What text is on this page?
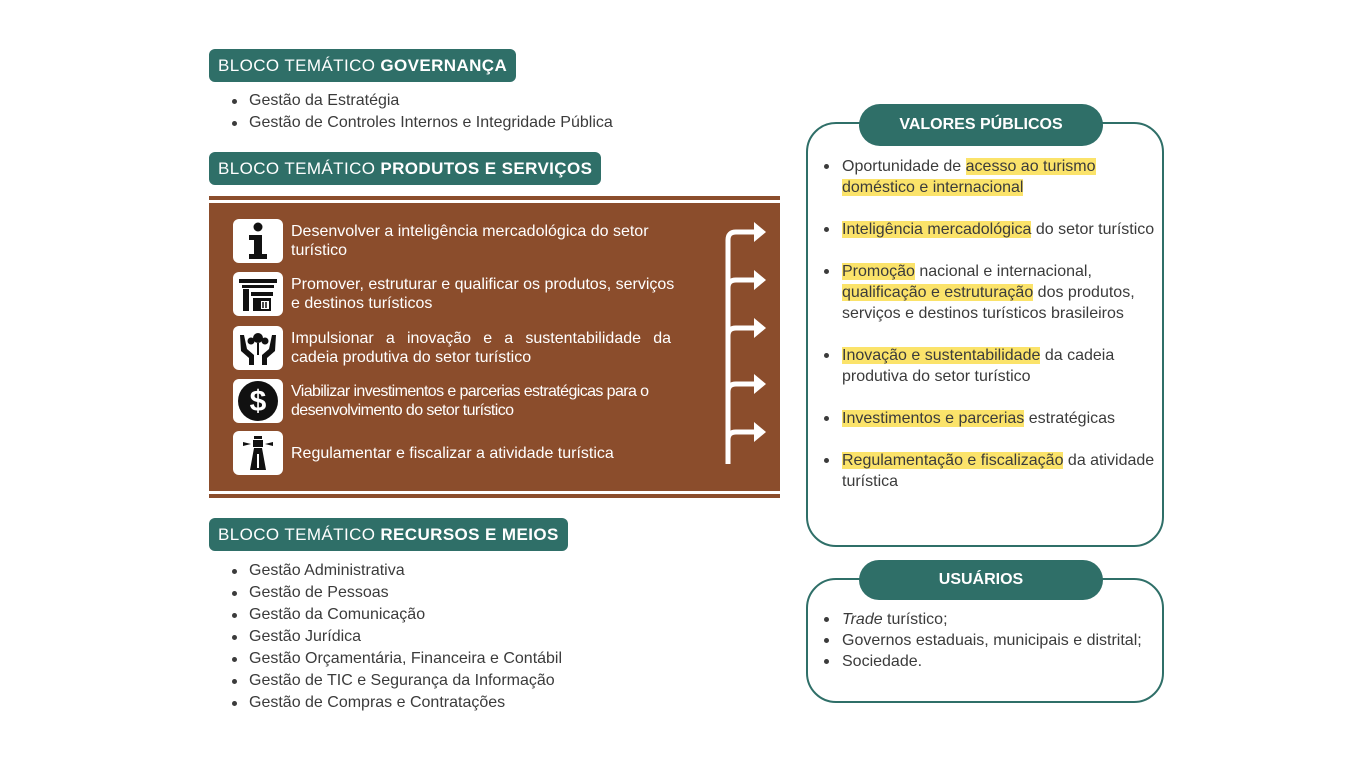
BLOCO TEMÁTICO GOVERNANÇA
Gestão da Estratégia
Gestão de Controles Internos e Integridade Pública
BLOCO TEMÁTICO PRODUTOS E SERVIÇOS
Desenvolver a inteligência mercadológica do setor turístico
Promover, estruturar e qualificar os produtos, serviços e destinos turísticos
Impulsionar a inovação e a sustentabilidade da cadeia produtiva do setor turístico
$ Viabilizar investimentos e parcerias estratégicas para o desenvolvimento do setor turístico
Regulamentar e fiscalizar a atividade turística
BLOCO TEMÁTICO RECURSOS E MEIOS
Gestão Administrativa
Gestão de Pessoas
Gestão da Comunicação
Gestão Jurídica
Gestão Orçamentária, Financeira e Contábil
Gestão de TIC e Segurança da Informação
Gestão de Compras e Contratações
Oportunidade de acesso ao turismo doméstico e internacional
Inteligência mercadológica do setor turístico
Promoção nacional e internacional, qualificação e estruturação dos produtos, serviços e destinos turísticos brasileiros
Inovação e sustentabilidade da cadeia produtiva do setor turístico
Investimentos e parcerias estratégicas
Regulamentação e fiscalização da atividade turística
VALORES PÚBLICOS
Trade turístico;
Governos estaduais, municipais e distrital;
Sociedade.
USUÁRIOS
